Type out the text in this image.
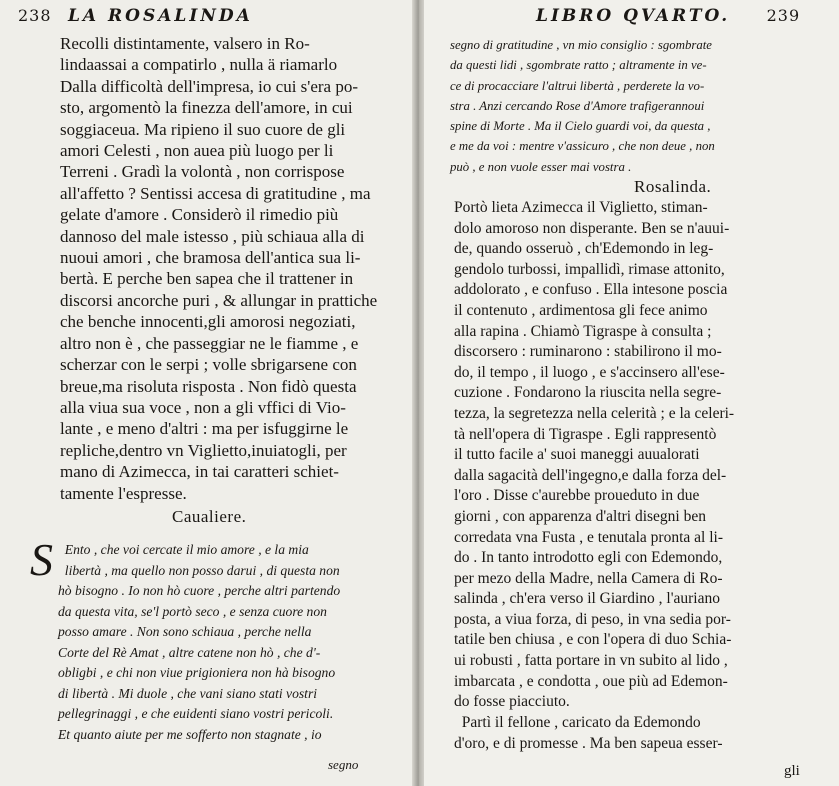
238 LA ROSALINDA
Recolli distintamente, valsero in Ro-
lindaassai a compatirlo , nulla ä riamarlo
Dalla difficoltà dell'impresa, io cui s'era po-
sto, argomentò la finezza dell'amore, in cui
soggiaceua. Ma ripieno il suo cuore de gli
amori Celesti , non auea più luogo per li
Terreni . Gradì la volontà , non corrispose
all'affetto ? Sentissi accesa di gratitudine , ma
gelate d'amore . Considerò il rimedio più
dannoso del male istesso , più schiaua alla di
nuoui amori , che bramosa dell'antica sua li-
bertà. E perche ben sapea che il trattener in
discorsi ancorche puri , & allungar in prattiche
che benche innocenti,gli amorosi negoziati,
altro non è , che passeggiar ne le fiamme , e
scherzar con le serpi ; volle sbrigarsene con
breue,ma risoluta risposta . Non fidò questa
alla viua sua voce , non a gli vffici di Vio-
lante , e meno d'altri : ma per isfuggirne le
repliche,dentro vn Viglietto,inuiatogli, per
mano di Azimecca, in tai caratteri schiet-
tamente l'espresse.
Caualiere.
S Ento , che voi cercate il mio amore , e la mia
libertà , ma quello non posso darui , di questa non
hò bisogno . Io non hò cuore , perche altri partendo
da questa vita, se'l portò seco , e senza cuore non
posso amare . Non sono schiaua , perche nella
Corte del Rè Amat , altre catene non hò , che d'-
obligbi , e chi non viue prigioniera non hà bisogno
di libertà . Mi duole , che vani siano stati vostri
pellegrinaggi , e che euidenti siano vostri pericoli.
Et quanto aiute per me sofferto non stagnate , io
segno
LIBRO QVARTO. 239
segno di gratitudine , vn mio consiglio : sgombrate
da questi lidi , sgombrate ratto ; altramente in ve-
ce di procacciare l'altrui libertà , perderete la vo-
stra . Anzi cercando Rose d'Amore trafigerannoui
spine di Morte . Ma il Cielo guardi voi, da questa ,
e me da voi : mentre v'assicuro , che non deue , non
può , e non vuole esser mai vostra .
Rosalinda.
Portò lieta Azimecca il Viglietto, stiman-
dolo amoroso non disperante. Ben se n'auui-
de, quando osseruò , ch'Edemondo in leg-
gendolo turbossi, impallidì, rimase attonito,
addolorato , e confuso . Ella intesone poscia
il contenuto , ardimentosa gli fece animo
alla rapina . Chiamò Tigraspe à consulta ;
discorsero : ruminarono : stabilirono il mo-
do, il tempo , il luogo , e s'accinsero all'ese-
cuzione . Fondarono la riuscita nella segre-
tezza, la segretezza nella celerità ; e la celeri-
tà nell'opera di Tigraspe . Egli rappresentò
il tutto facile a' suoi maneggi auualorati
dalla sagacità dell'ingegno,e dalla forza del-
l'oro . Disse c'aurebbe proueduto in due
giorni , con apparenza d'altri disegni ben
corredata vna Fusta , e tenutala pronta al li-
do . In tanto introdotto egli con Edemondo,
per mezo della Madre, nella Camera di Ro-
salinda , ch'era verso il Giardino , l'auriano
posta, a viua forza, di peso, in vna sedia por-
tatile ben chiusa , e con l'opera di duo Schia-
ui robusti , fatta portare in vn subito al lido ,
imbarcata , e condotta , oue più ad Edemon-
do fosse piacciuto.
Partì il fellone , caricato da Edemondo
d'oro, e di promesse . Ma ben sapeua esser-
gli
